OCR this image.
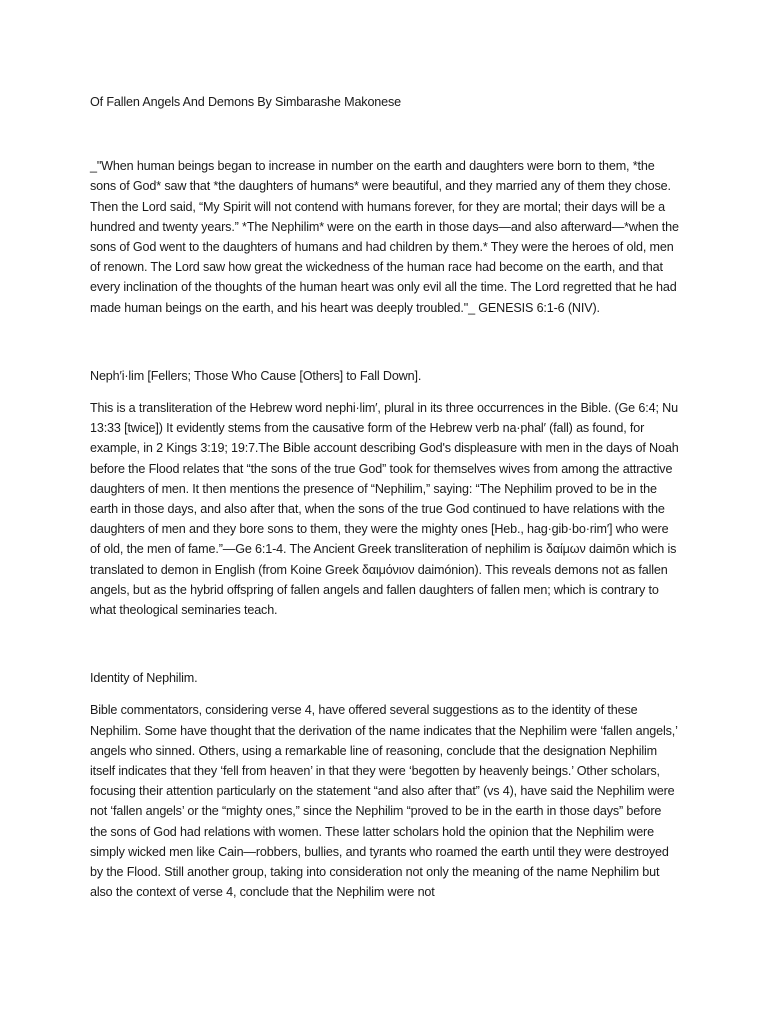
Of Fallen Angels And Demons By Simbarashe Makonese

_"When human beings began to increase in number on the earth and daughters were born to them, *the sons of God* saw that *the daughters of humans* were beautiful, and they married any of them they chose. Then the Lord said, “My Spirit will not contend with humans forever, for they are mortal; their days will be a hundred and twenty years.” *The Nephilim* were on the earth in those days—and also afterward—*when the sons of God went to the daughters of humans and had children by them.* They were the heroes of old, men of renown. The Lord saw how great the wickedness of the human race had become on the earth, and that every inclination of the thoughts of the human heart was only evil all the time. The Lord regretted that he had made human beings on the earth, and his heart was deeply troubled."_ GENESIS 6:1-6 (NIV).

Neph′i·lim [Fellers; Those Who Cause [Others] to Fall Down].

This is a transliteration of the Hebrew word nephi·lim′, plural in its three occurrences in the Bible. (Ge 6:4; Nu 13:33 [twice]) It evidently stems from the causative form of the Hebrew verb na·phal′ (fall) as found, for example, in 2 Kings 3:19; 19:7.The Bible account describing God's displeasure with men in the days of Noah before the Flood relates that “the sons of the true God” took for themselves wives from among the attractive daughters of men. It then mentions the presence of “Nephilim,” saying: “The Nephilim proved to be in the earth in those days, and also after that, when the sons of the true God continued to have relations with the daughters of men and they bore sons to them, they were the mighty ones [Heb., hag·gib·bo·rim′] who were of old, the men of fame.”—Ge 6:1-4. The Ancient Greek transliteration of nephilim is δαίμων daimōn which is translated to demon in English (from Koine Greek δαιμόνιον daimónion). This reveals demons not as fallen angels, but as the hybrid offspring of fallen angels and fallen daughters of fallen men; which is contrary to what theological seminaries teach.

Identity of Nephilim.

Bible commentators, considering verse 4, have offered several suggestions as to the identity of these Nephilim. Some have thought that the derivation of the name indicates that the Nephilim were ‘fallen angels,’ angels who sinned. Others, using a remarkable line of reasoning, conclude that the designation Nephilim itself indicates that they ‘fell from heaven’ in that they were ‘begotten by heavenly beings.’ Other scholars, focusing their attention particularly on the statement “and also after that” (vs 4), have said the Nephilim were not ‘fallen angels’ or the “mighty ones,” since the Nephilim “proved to be in the earth in those days” before the sons of God had relations with women. These latter scholars hold the opinion that the Nephilim were simply wicked men like Cain—robbers, bullies, and tyrants who roamed the earth until they were destroyed by the Flood. Still another group, taking into consideration not only the meaning of the name Nephilim but also the context of verse 4, conclude that the Nephilim were not
